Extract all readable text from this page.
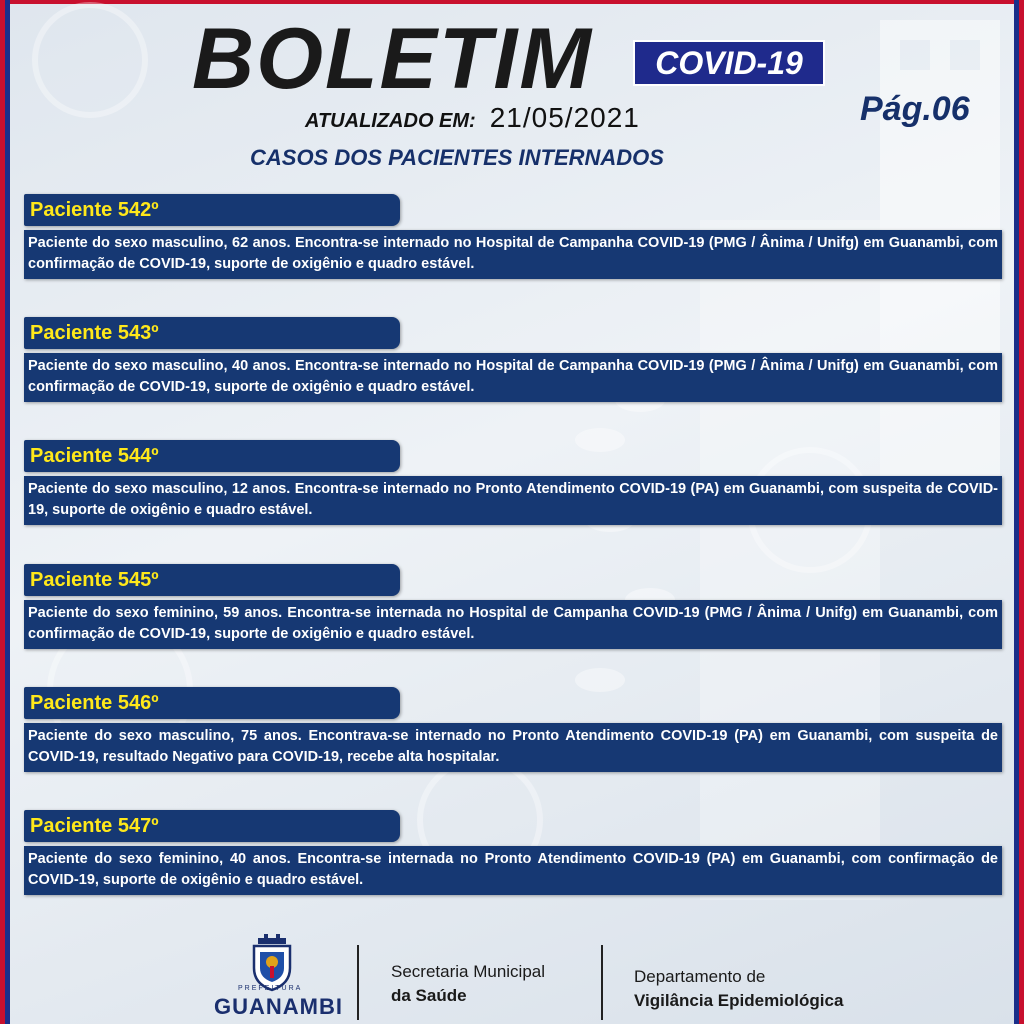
BOLETIM	COVID-19
ATUALIZADO EM: 21/05/2021	Pág.06
CASOS DOS PACIENTES INTERNADOS
Paciente 542º
Paciente do sexo masculino, 62 anos. Encontra-se internado no Hospital de Campanha COVID-19 (PMG / Ânima / Unifg) em Guanambi, com confirmação de COVID-19, suporte de oxigênio e quadro estável.
Paciente 543º
Paciente do sexo masculino, 40 anos. Encontra-se internado no Hospital de Campanha COVID-19 (PMG / Ânima / Unifg) em Guanambi, com confirmação de COVID-19, suporte de oxigênio e quadro estável.
Paciente 544º
Paciente do sexo masculino, 12 anos. Encontra-se internado no Pronto Atendimento COVID-19 (PA) em Guanambi, com suspeita de COVID-19, suporte de oxigênio e quadro estável.
Paciente 545º
Paciente do sexo feminino, 59 anos. Encontra-se internada no Hospital de Campanha COVID-19 (PMG / Ânima / Unifg) em Guanambi, com confirmação de COVID-19, suporte de oxigênio e quadro estável.
Paciente 546º
Paciente do sexo masculino, 75 anos. Encontrava-se internado no Pronto Atendimento COVID-19 (PA) em Guanambi, com suspeita de COVID-19, resultado Negativo para COVID-19, recebe alta hospitalar.
Paciente 547º
Paciente do sexo feminino, 40 anos. Encontra-se internada no Pronto Atendimento COVID-19 (PA) em Guanambi, com confirmação de COVID-19, suporte de oxigênio e quadro estável.
PREFEITURA
GUANAMBI
Secretaria Municipal
da Saúde
Departamento de
Vigilância Epidemiológica
